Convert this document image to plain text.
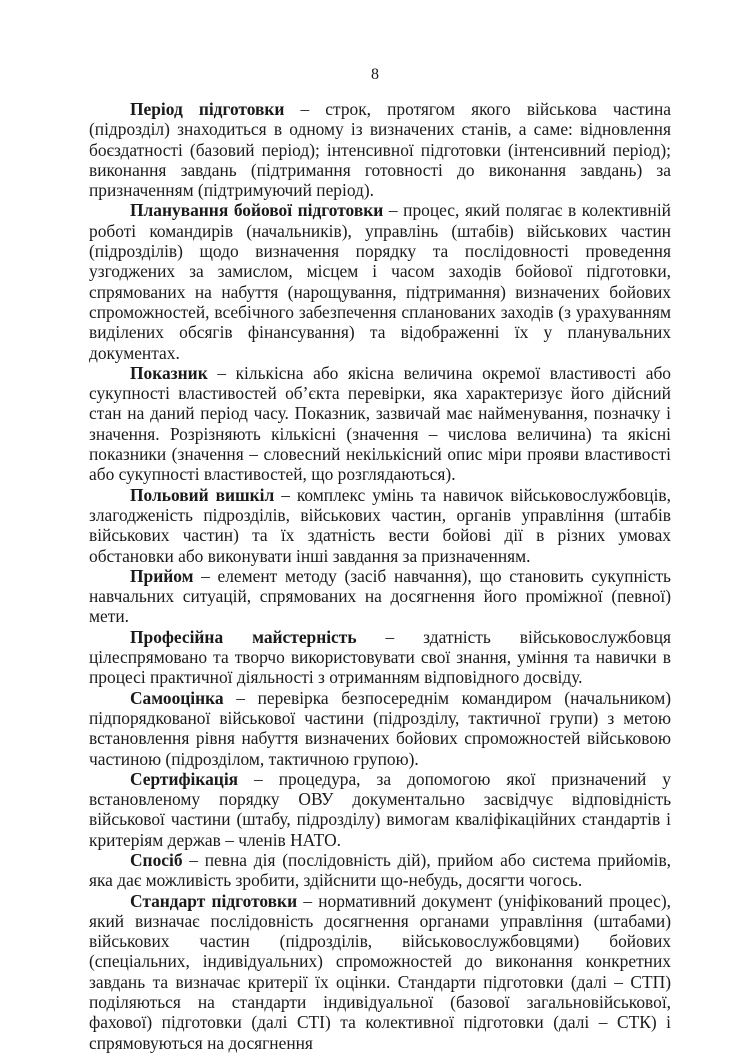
8

Період підготовки – строк, протягом якого військова частина (підрозділ) знаходиться в одному із визначених станів, а саме: відновлення боєздатності (базовий період); інтенсивної підготовки (інтенсивний період); виконання завдань (підтримання готовності до виконання завдань) за призначенням (підтримуючий період).

Планування бойової підготовки – процес, який полягає в колективній роботі командирів (начальників), управлінь (штабів) військових частин (підрозділів) щодо визначення порядку та послідовності проведення узгоджених за замислом, місцем і часом заходів бойової підготовки, спрямованих на набуття (нарощування, підтримання) визначених бойових спроможностей, всебічного забезпечення спланованих заходів (з урахуванням виділених обсягів фінансування) та відображенні їх у планувальних документах.

Показник – кількісна або якісна величина окремої властивості або сукупності властивостей об’єкта перевірки, яка характеризує його дійсний стан на даний період часу. Показник, зазвичай має найменування, позначку і значення. Розрізняють кількісні (значення – числова величина) та якісні показники (значення – словесний некількісний опис міри прояви властивості або сукупності властивостей, що розглядаються).

Польовий вишкіл – комплекс умінь та навичок військовослужбовців, злагодженість підрозділів, військових частин, органів управління (штабів військових частин) та їх здатність вести бойові дії в різних умовах обстановки або виконувати інші завдання за призначенням.

Прийом – елемент методу (засіб навчання), що становить сукупність навчальних ситуацій, спрямованих на досягнення його проміжної (певної) мети.

Професійна майстерність – здатність військовослужбовця цілеспрямовано та творчо використовувати свої знання, уміння та навички в процесі практичної діяльності з отриманням відповідного досвіду.

Самооцінка – перевірка безпосереднім командиром (начальником) підпорядкованої військової частини (підрозділу, тактичної групи) з метою встановлення рівня набуття визначених бойових спроможностей військовою частиною (підрозділом, тактичною групою).

Сертифікація – процедура, за допомогою якої призначений у встановленому порядку ОВУ документально засвідчує відповідність військової частини (штабу, підрозділу) вимогам кваліфікаційних стандартів і критеріям держав – членів НАТО.

Спосіб – певна дія (послідовність дій), прийом або система прийомів, яка дає можливість зробити, здійснити що-небудь, досягти чогось.

Стандарт підготовки – нормативний документ (уніфікований процес), який визначає послідовність досягнення органами управління (штабами) військових частин (підрозділів, військовослужбовцями) бойових (спеціальних, індивідуальних) спроможностей до виконання конкретних завдань та визначає критерії їх оцінки. Стандарти підготовки (далі – СТП) поділяються на стандарти індивідуальної (базової загальновійськової, фахової) підготовки (далі СТІ) та колективної підготовки (далі – СТК) і спрямовуються на досягнення
